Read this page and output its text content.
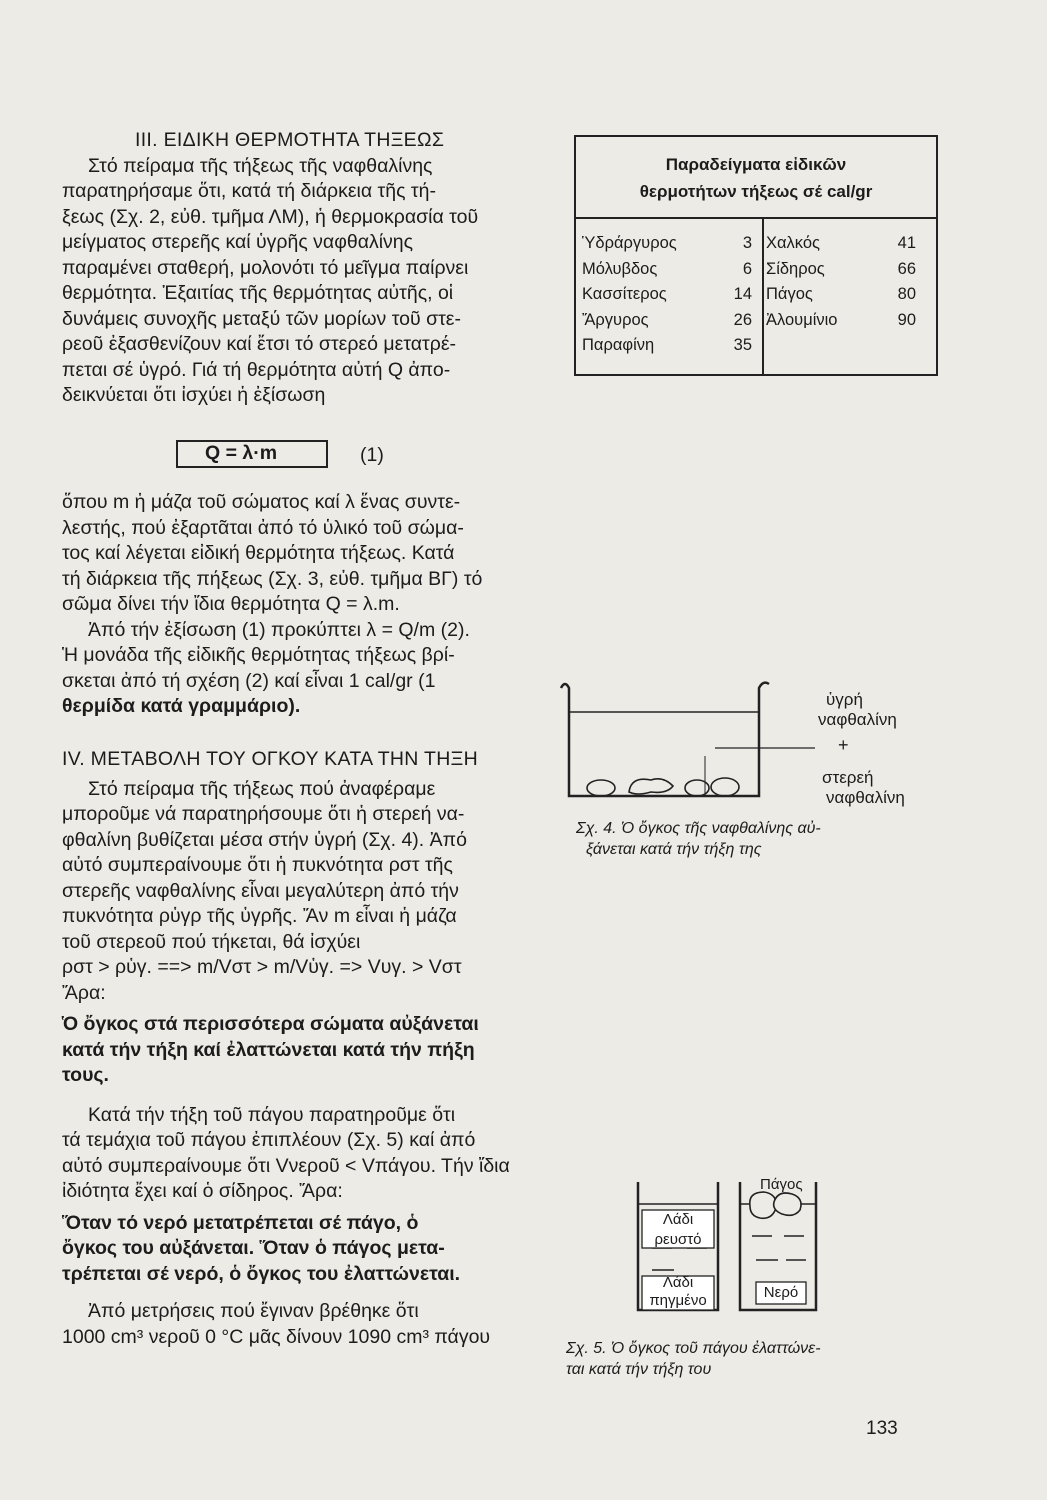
III. ΕΙΔΙΚΗ ΘΕΡΜΟΤΗΤΑ ΤΗΞΕΩΣ
Στό πείραμα τῆς τήξεως τῆς ναφθαλίνης
παρατηρήσαμε ὅτι, κατά τή διάρκεια τῆς τή-
ξεως (Σχ. 2, εὐθ. τμῆμα ΛΜ), ἡ θερμοκρασία τοῦ
μείγματος στερεῆς καί ὑγρῆς ναφθαλίνης
παραμένει σταθερή, μολονότι τό μεῖγμα παίρνει
θερμότητα. Ἐξαιτίας τῆς θερμότητας αὐτῆς, οἱ
δυνάμεις συνοχῆς μεταξύ τῶν μορίων τοῦ στε-
ρεοῦ ἐξασθενίζουν καί ἔτσι τό στερεό μετατρέ-
πεται σέ ὑγρό. Γιά τή θερμότητα αὐτή Q ἀπο-
δεικνύεται ὅτι ἰσχύει ἡ ἐξίσωση
Q = λ·m	(1)
ὅπου m ἡ μάζα τοῦ σώματος καί λ ἕνας συντε-
λεστής, πού ἐξαρτᾶται ἀπό τό ὑλικό τοῦ σώμα-
τος καί λέγεται εἰδική θερμότητα τήξεως. Κατά
τή διάρκεια τῆς πήξεως (Σχ. 3, εὐθ. τμῆμα ΒΓ) τό
σῶμα δίνει τήν ἴδια θερμότητα Q = λ.m.
Ἀπό τήν ἐξίσωση (1) προκύπτει λ = Q/m (2).
Ἡ μονάδα τῆς εἰδικῆς θερμότητας τήξεως βρί-
σκεται ἀπό τή σχέση (2) καί εἶναι 1 cal/gr (1
θερμίδα κατά γραμμάριο).
Παραδείγματα εἰδικῶν
θερμοτήτων τήξεως σέ cal/gr
Ὑδράργυρος
Μόλυβδος
Κασσίτερος
Ἄργυρος
Παραφίνη
3
6
14
26
35
Χαλκός
Σίδηρος
Πάγος
Ἀλουμίνιο
41
66
80
90
IV. ΜΕΤΑΒΟΛΗ ΤΟΥ ΟΓΚΟΥ ΚΑΤΑ ΤΗΝ ΤΗΞΗ
Στό πείραμα τῆς τήξεως πού ἀναφέραμε
μποροῦμε νά παρατηρήσουμε ὅτι ἡ στερεή να-
φθαλίνη βυθίζεται μέσα στήν ὑγρή (Σχ. 4). Ἀπό
αὐτό συμπεραίνουμε ὅτι ἡ πυκνότητα ρστ τῆς
στερεῆς ναφθαλίνης εἶναι μεγαλύτερη ἀπό τήν
πυκνότητα ρὑγρ τῆς ὑγρῆς. Ἄν m εἶναι ἡ μάζα
τοῦ στερεοῦ πού τήκεται, θά ἰσχύει
ρστ > ρὑγ. ==> m/Vστ > m/Vὑγ. => Vυγ. > Vστ
Ἄρα:
Ὁ ὄγκος στά περισσότερα σώματα αὐξάνεται
κατά τήν τήξη καί ἐλαττώνεται κατά τήν πήξη
τους.
Κατά τήν τήξη τοῦ πάγου παρατηροῦμε ὅτι
τά τεμάχια τοῦ πάγου ἐπιπλέουν (Σχ. 5) καί ἀπό
αὐτό συμπεραίνουμε ὅτι Vνεροῦ < Vπάγου. Τήν ἴδια
ἰδιότητα ἔχει καί ὁ σίδηρος. Ἄρα:
Ὅταν τό νερό μετατρέπεται σέ πάγο, ὁ
ὄγκος του αὐξάνεται. Ὅταν ὁ πάγος μετα-
τρέπεται σέ νερό, ὁ ὄγκος του ἐλαττώνεται.
Ἀπό μετρήσεις πού ἔγιναν βρέθηκε ὅτι
1000 cm³ νεροῦ 0 °C μᾶς δίνουν 1090 cm³ πάγου
+
ὑγρή
ναφθαλίνη
στερεή
ναφθαλίνη
Σχ. 4. Ὁ ὄγκος τῆς ναφθαλίνης αὐ-
ξάνεται κατά τήν τήξη της
Πάγος
Λάδι
ρευστό
Λάδι
πηγμένο	Νερό
Σχ. 5. Ὁ ὄγκος τοῦ πάγου ἐλαττώνε-
ται κατά τήν τήξη του
133
